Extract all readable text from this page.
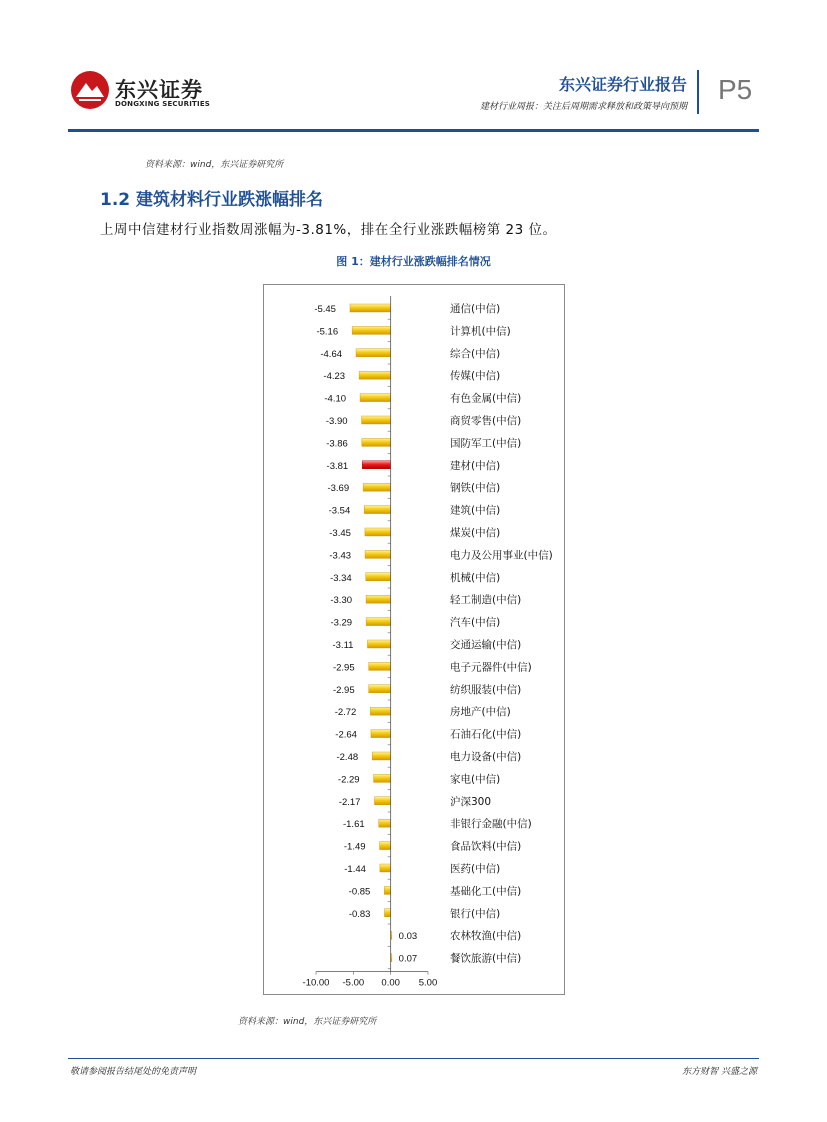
东兴证券
DONGXING SECURITIES
东兴证券行业报告
建材行业周报：关注后周期需求释放和政策导向预期
P5
资料来源：wind，东兴证券研究所
1.2 建筑材料行业跌涨幅排名
上周中信建材行业指数周涨幅为-3.81%，排在全行业涨跌幅榜第 23 位。
图 1：建材行业涨跌幅排名情况
-5.45	通信(中信)
-5.16	计算机(中信)
-4.64	综合(中信)
-4.23	传媒(中信)
-4.10	有色金属(中信)
-3.90	商贸零售(中信)
-3.86	国防军工(中信)
-3.81	建材(中信)
-3.69	钢铁(中信)
-3.54	建筑(中信)
-3.45	煤炭(中信)
-3.43	电力及公用事业(中信)
-3.34	机械(中信)
-3.30	轻工制造(中信)
-3.29	汽车(中信)
-3.11	交通运输(中信)
-2.95	电子元器件(中信)
-2.95	纺织服装(中信)
-2.72	房地产(中信)
-2.64	石油石化(中信)
-2.48	电力设备(中信)
-2.29	家电(中信)
-2.17	沪深300
-1.61	非银行金融(中信)
-1.49	食品饮料(中信)
-1.44	医药(中信)
-0.85	基础化工(中信)
-0.83	银行(中信)
0.03	农林牧渔(中信)
0.07	餐饮旅游(中信)
-10.00 -5.00 0.00 5.00
资料来源：wind，东兴证券研究所
敬请参阅报告结尾处的免责声明	东方财智 兴盛之源
